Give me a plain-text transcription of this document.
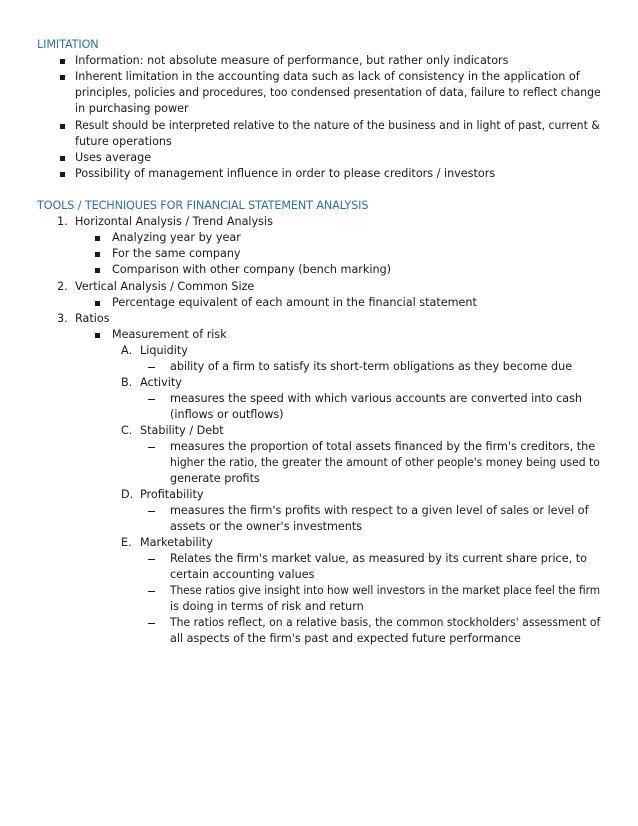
LIMITATION
Information: not absolute measure of performance, but rather only indicators
Inherent limitation in the accounting data such as lack of consistency in the application of
principles, policies and procedures, too condensed presentation of data, failure to reflect change
in purchasing power
Result should be interpreted relative to the nature of the business and in light of past, current &
future operations
Uses average
Possibility of management influence in order to please creditors / investors
TOOLS / TECHNIQUES FOR FINANCIAL STATEMENT ANALYSIS
1. Horizontal Analysis / Trend Analysis
Analyzing year by year
For the same company
Comparison with other company (bench marking)
2. Vertical Analysis / Common Size
Percentage equivalent of each amount in the financial statement
3. Ratios
Measurement of risk
A. Liquidity
ability of a firm to satisfy its short-term obligations as they become due
B. Activity
measures the speed with which various accounts are converted into cash
(inflows or outflows)
C. Stability / Debt
measures the proportion of total assets financed by the firm's creditors, the
higher the ratio, the greater the amount of other people's money being used to
generate profits
D. Profitability
measures the firm's profits with respect to a given level of sales or level of
assets or the owner's investments
E. Marketability
Relates the firm's market value, as measured by its current share price, to
certain accounting values
These ratios give insight into how well investors in the market place feel the firm
is doing in terms of risk and return
The ratios reflect, on a relative basis, the common stockholders' assessment of
all aspects of the firm's past and expected future performance
